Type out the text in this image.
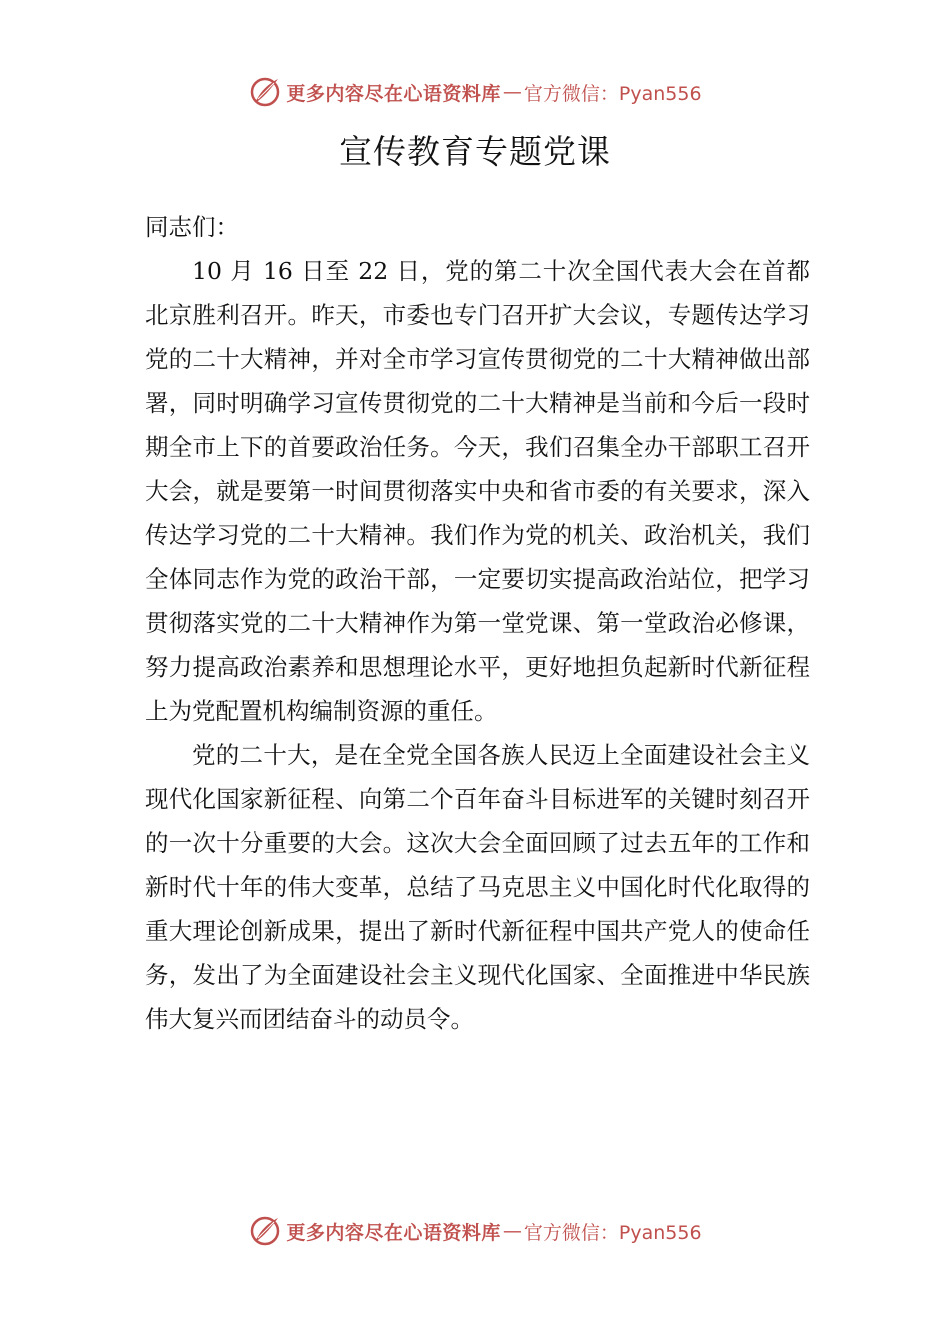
更多内容尽在心语资料库 — 官方微信：Pyan556
宣传教育专题党课

同志们：

10 月 16 日至 22 日，党的第二十次全国代表大会在首都北京胜利召开。昨天，市委也专门召开扩大会议，专题传达学习党的二十大精神，并对全市学习宣传贯彻党的二十大精神做出部署，同时明确学习宣传贯彻党的二十大精神是当前和今后一段时期全市上下的首要政治任务。今天，我们召集全办干部职工召开大会，就是要第一时间贯彻落实中央和省市委的有关要求，深入传达学习党的二十大精神。我们作为党的机关、政治机关，我们全体同志作为党的政治干部，一定要切实提高政治站位，把学习贯彻落实党的二十大精神作为第一堂党课、第一堂政治必修课，努力提高政治素养和思想理论水平，更好地担负起新时代新征程上为党配置机构编制资源的重任。

党的二十大，是在全党全国各族人民迈上全面建设社会主义现代化国家新征程、向第二个百年奋斗目标进军的关键时刻召开的一次十分重要的大会。这次大会全面回顾了过去五年的工作和新时代十年的伟大变革，总结了马克思主义中国化时代化取得的重大理论创新成果，提出了新时代新征程中国共产党人的使命任务，发出了为全面建设社会主义现代化国家、全面推进中华民族伟大复兴而团结奋斗的动员令。

更多内容尽在心语资料库 — 官方微信：Pyan556
